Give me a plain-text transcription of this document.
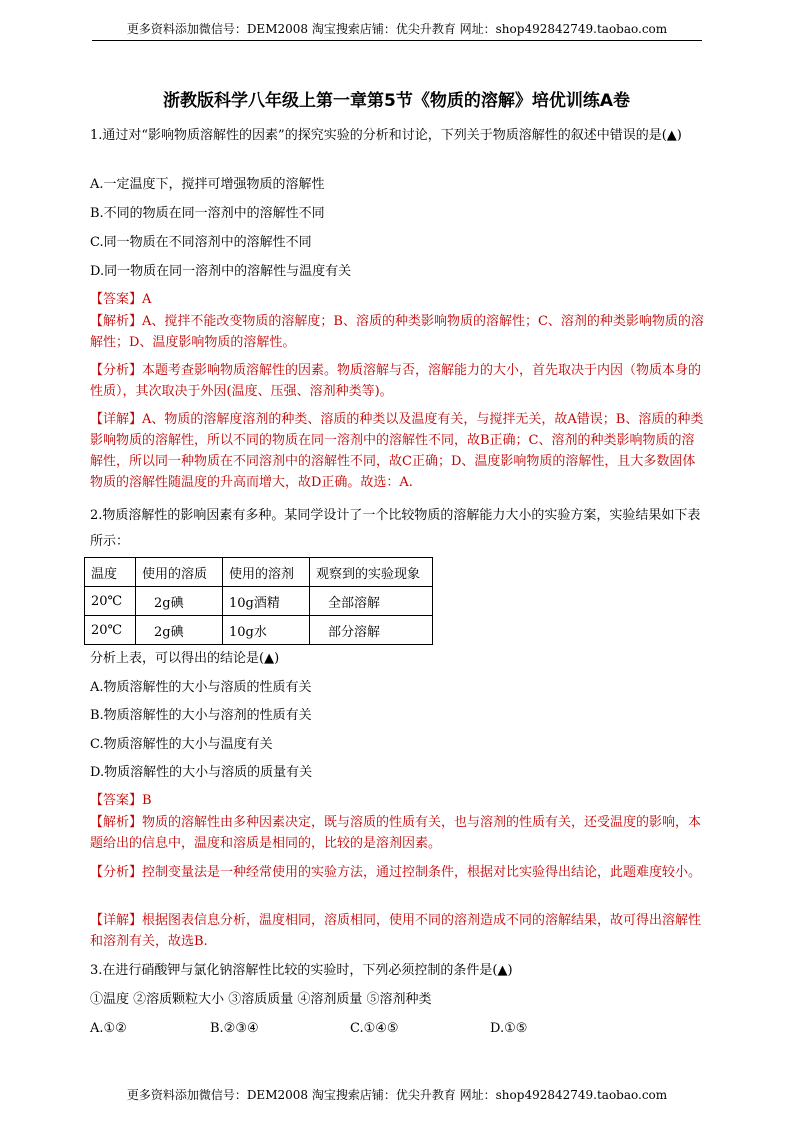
更多资料添加微信号：DEM2008 淘宝搜索店铺：优尖升教育 网址：shop492842749.taobao.com
浙教版科学八年级上第一章第5节《物质的溶解》培优训练A卷
1.通过对“影响物质溶解性的因素”的探究实验的分析和讨论，下列关于物质溶解性的叙述中错误的是(▲)
A.一定温度下，搅拌可增强物质的溶解性
B.不同的物质在同一溶剂中的溶解性不同
C.同一物质在不同溶剂中的溶解性不同
D.同一物质在同一溶剂中的溶解性与温度有关
【答案】A
【解析】A、搅拌不能改变物质的溶解度；B、溶质的种类影响物质的溶解性；C、溶剂的种类影响物质的溶解性；D、温度影响物质的溶解性。
【分析】本题考查影响物质溶解性的因素。物质溶解与否，溶解能力的大小，首先取决于内因（物质本身的性质），其次取决于外因(温度、压强、溶剂种类等)。
【详解】A、物质的溶解度溶剂的种类、溶质的种类以及温度有关，与搅拌无关，故A错误；B、溶质的种类影响物质的溶解性，所以不同的物质在同一溶剂中的溶解性不同，故B正确；C、溶剂的种类影响物质的溶解性，所以同一种物质在不同溶剂中的溶解性不同，故C正确；D、温度影响物质的溶解性，且大多数固体物质的溶解性随温度的升高而增大，故D正确。故选：A.
2.物质溶解性的影响因素有多种。某同学设计了一个比较物质的溶解能力大小的实验方案，实验结果如下表所示：
温度	使用的溶质	使用的溶剂	观察到的实验现象
20℃	2g碘	10g酒精	全部溶解
20℃	2g碘	10g水	部分溶解
分析上表，可以得出的结论是(▲)
A.物质溶解性的大小与溶质的性质有关
B.物质溶解性的大小与溶剂的性质有关
C.物质溶解性的大小与温度有关
D.物质溶解性的大小与溶质的质量有关
【答案】B
【解析】物质的溶解性由多种因素决定，既与溶质的性质有关，也与溶剂的性质有关，还受温度的影响，本题给出的信息中，温度和溶质是相同的，比较的是溶剂因素。
【分析】控制变量法是一种经常使用的实验方法，通过控制条件，根据对比实验得出结论，此题难度较小。
【详解】根据图表信息分析，温度相同，溶质相同，使用不同的溶剂造成不同的溶解结果，故可得出溶解性和溶剂有关，故选B.
3.在进行硝酸钾与氯化钠溶解性比较的实验时，下列必须控制的条件是(▲)
①温度 ②溶质颗粒大小 ③溶质质量 ④溶剂质量 ⑤溶剂种类
A.①②	B.②③④	C.①④⑤	D.①⑤
更多资料添加微信号：DEM2008 淘宝搜索店铺：优尖升教育 网址：shop492842749.taobao.com
